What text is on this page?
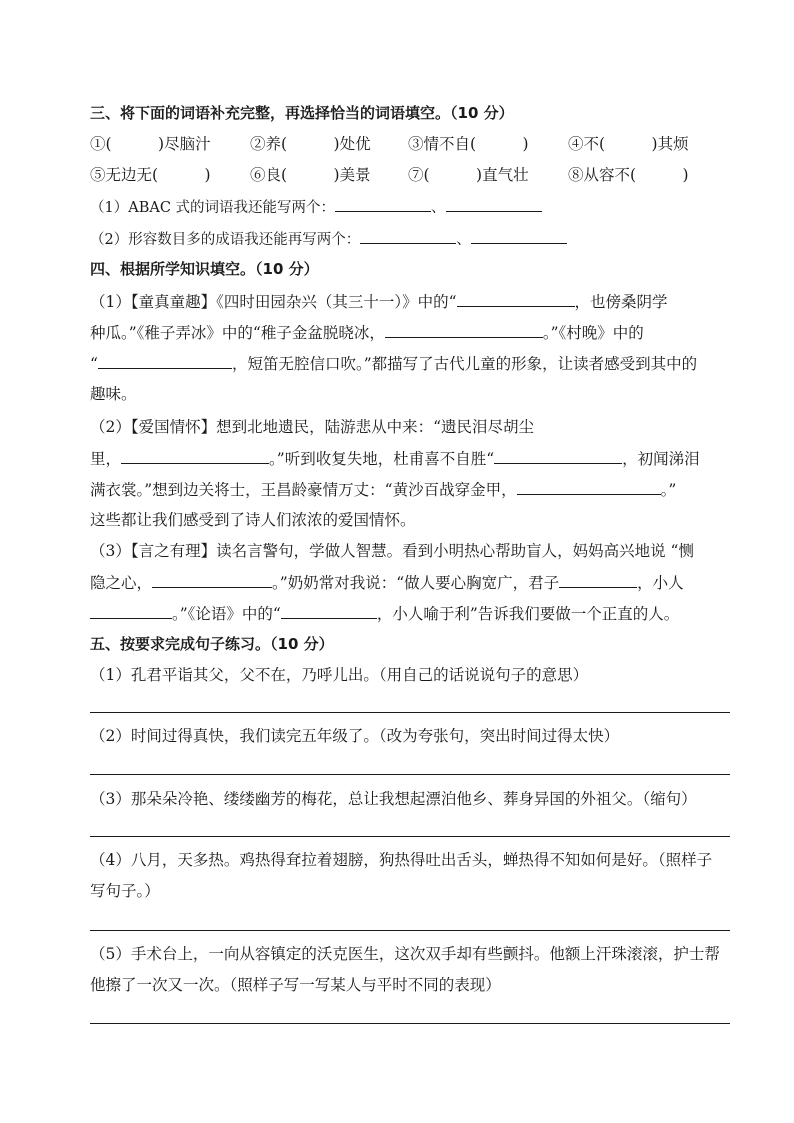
三、将下面的词语补充完整，再选择恰当的词语填空。（10 分）
①(　　　)尽脑汁	②养(　　　)处优 ③情不自(　　　)	④不(　　　)其烦
⑤无边无(　　　)	⑥良(　　　)美景 ⑦(　　　)直气壮	⑧从容不(　　　)
（1）ABAC 式的词语我还能写两个：	、
（2）形容数目多的成语我还能再写两个：	、
四、根据所学知识填空。（10 分）
（1）【童真童趣】《四时田园杂兴（其三十一）》中的“	，也傍桑阴学
种瓜。”《稚子弄冰》中的“稚子金盆脱晓冰，	。”《村晚》中的
“	，短笛无腔信口吹。”都描写了古代儿童的形象，让读者感受到其中的
趣味。
（2）【爱国情怀】想到北地遗民，陆游悲从中来：“遗民泪尽胡尘
里，	。”听到收复失地，杜甫喜不自胜“	，初闻涕泪
满衣裳。”想到边关将士，王昌龄豪情万丈：“黄沙百战穿金甲，	。”
这些都让我们感受到了诗人们浓浓的爱国情怀。
（3）【言之有理】读名言警句，学做人智慧。看到小明热心帮助盲人，妈妈高兴地说 “恻
隐之心，	。”奶奶常对我说：“做人要心胸宽广，君子	，小人
。”《论语》中的“	，小人喻于利”告诉我们要做一个正直的人。
五、按要求完成句子练习。（10 分）
（1）孔君平诣其父，父不在，乃呼儿出。（用自己的话说说句子的意思）
（2）时间过得真快，我们读完五年级了。（改为夸张句，突出时间过得太快）
（3）那朵朵冷艳、缕缕幽芳的梅花，总让我想起漂泊他乡、葬身异国的外祖父。（缩句）
（4）八月，天多热。鸡热得耷拉着翅膀，狗热得吐出舌头，蝉热得不知如何是好。（照样子
写句子。）
（5）手术台上，一向从容镇定的沃克医生，这次双手却有些颤抖。他额上汗珠滚滚，护士帮
他擦了一次又一次。（照样子写一写某人与平时不同的表现）
